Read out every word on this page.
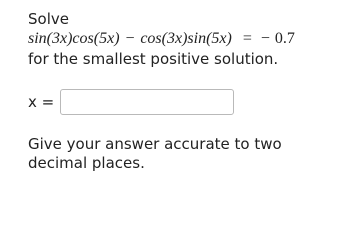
Solve
sin(3x)cos(5x) − cos(3x)sin(5x) = − 0.7
for the smallest positive solution.
x =
Give your answer accurate to two decimal places.
